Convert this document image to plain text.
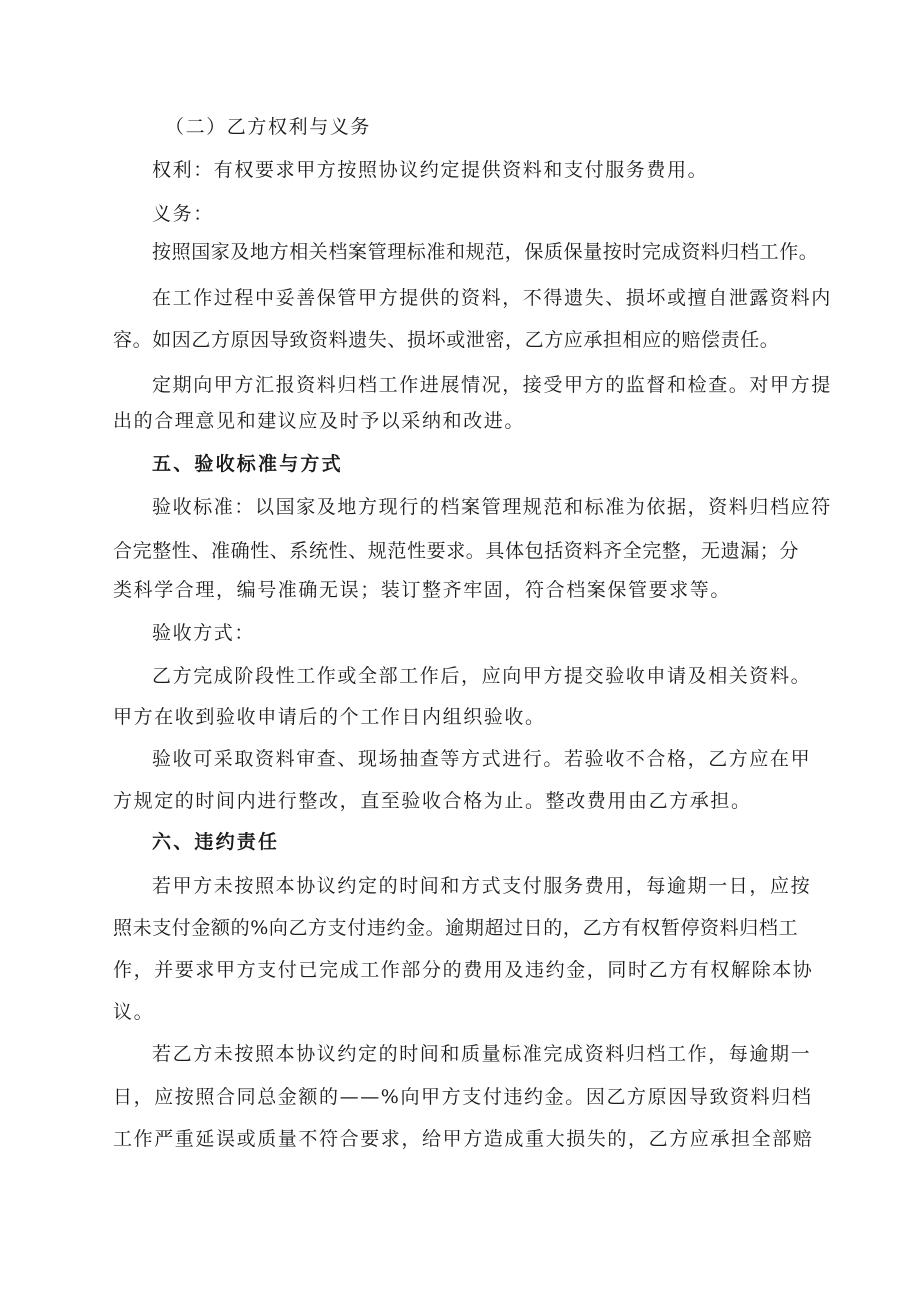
（二）乙方权利与义务
权利：有权要求甲方按照协议约定提供资料和支付服务费用。
义务：
按照国家及地方相关档案管理标准和规范，保质保量按时完成资料归档工作。
在工作过程中妥善保管甲方提供的资料，不得遗失、损坏或擅自泄露资料内
容。如因乙方原因导致资料遗失、损坏或泄密，乙方应承担相应的赔偿责任。
定期向甲方汇报资料归档工作进展情况，接受甲方的监督和检查。对甲方提
出的合理意见和建议应及时予以采纳和改进。
五、验收标准与方式
验收标准：以国家及地方现行的档案管理规范和标准为依据，资料归档应符
合完整性、准确性、系统性、规范性要求。具体包括资料齐全完整，无遗漏；分
类科学合理，编号准确无误；装订整齐牢固，符合档案保管要求等。
验收方式：
乙方完成阶段性工作或全部工作后，应向甲方提交验收申请及相关资料。
甲方在收到验收申请后的个工作日内组织验收。
验收可采取资料审查、现场抽查等方式进行。若验收不合格，乙方应在甲
方规定的时间内进行整改，直至验收合格为止。整改费用由乙方承担。
六、违约责任
若甲方未按照本协议约定的时间和方式支付服务费用，每逾期一日，应按
照未支付金额的%向乙方支付违约金。逾期超过日的，乙方有权暂停资料归档工
作，并要求甲方支付已完成工作部分的费用及违约金，同时乙方有权解除本协
议。
若乙方未按照本协议约定的时间和质量标准完成资料归档工作，每逾期一
日，应按照合同总金额的——%向甲方支付违约金。因乙方原因导致资料归档
工作严重延误或质量不符合要求，给甲方造成重大损失的，乙方应承担全部赔
